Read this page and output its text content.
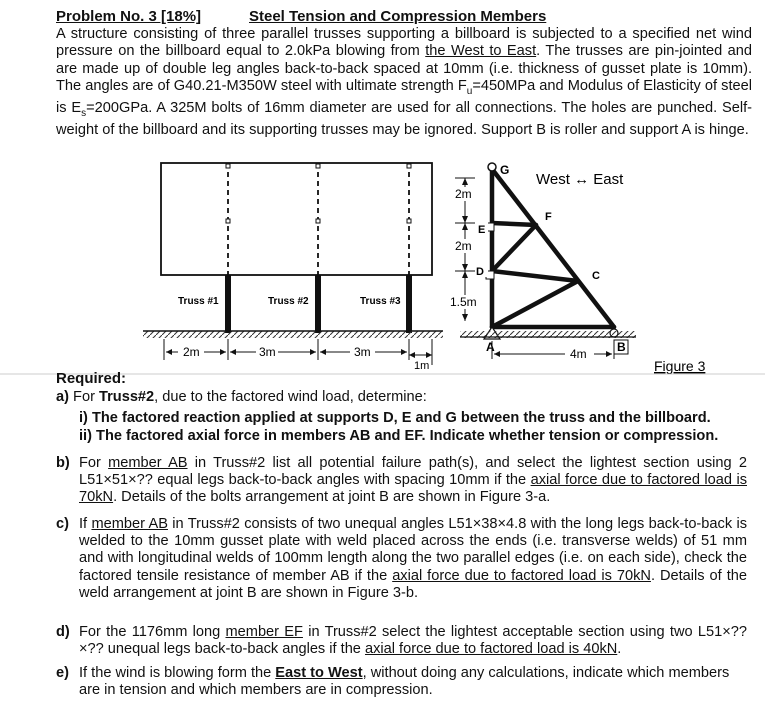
Problem No. 3 [18%]	Steel Tension and Compression Members
A structure consisting of three parallel trusses supporting a billboard is subjected to a specified net wind pressure on the billboard equal to 2.0kPa blowing from the West to East. The trusses are pin-jointed and are made up of double leg angles back-to-back spaced at 10mm (i.e. thickness of gusset plate is 10mm). The angles are of G40.21-M350W steel with ultimate strength $F_u=450MPa$ and Modulus of Elasticity of steel is $E_s=200GPa$. A 325M bolts of 16mm diameter are used for all connections. The holes are punched. Self-weight of the billboard and its supporting trusses may be ignored. Support B is roller and support A is hinge.
Truss #1	Truss #2	Truss #3
2m	3m	3m
1m
2m
2m
1.5m
G
E
D
F
C
A	B
West ↔ East
4m
Figure 3
Required:
a) For Truss#2, due to the factored wind load, determine:
i) The factored reaction applied at supports D, E and G between the truss and the billboard.
ii) The factored axial force in members AB and EF. Indicate whether tension or compression.
b) For member AB in Truss#2 list all potential failure path(s), and select the lightest section using 2 L51×51×?? equal legs back-to-back angles with spacing 10mm if the axial force due to factored load is 70kN. Details of the bolts arrangement at joint B are shown in Figure 3-a.
c) If member AB in Truss#2 consists of two unequal angles L51×38×4.8 with the long legs back-to-back is welded to the 10mm gusset plate with weld placed across the ends (i.e. transverse welds) of 51 mm and with longitudinal welds of 100mm length along the two parallel edges (i.e. on each side), check the factored tensile resistance of member AB if the axial force due to factored load is 70kN. Details of the weld arrangement at joint B are shown in Figure 3-b.
d) For the 1176mm long member EF in Truss#2 select the lightest acceptable section using two L51×??×?? unequal legs back-to-back angles if the axial force due to factored load is 40kN.
e) If the wind is blowing form the East to West, without doing any calculations, indicate which members are in tension and which members are in compression.
